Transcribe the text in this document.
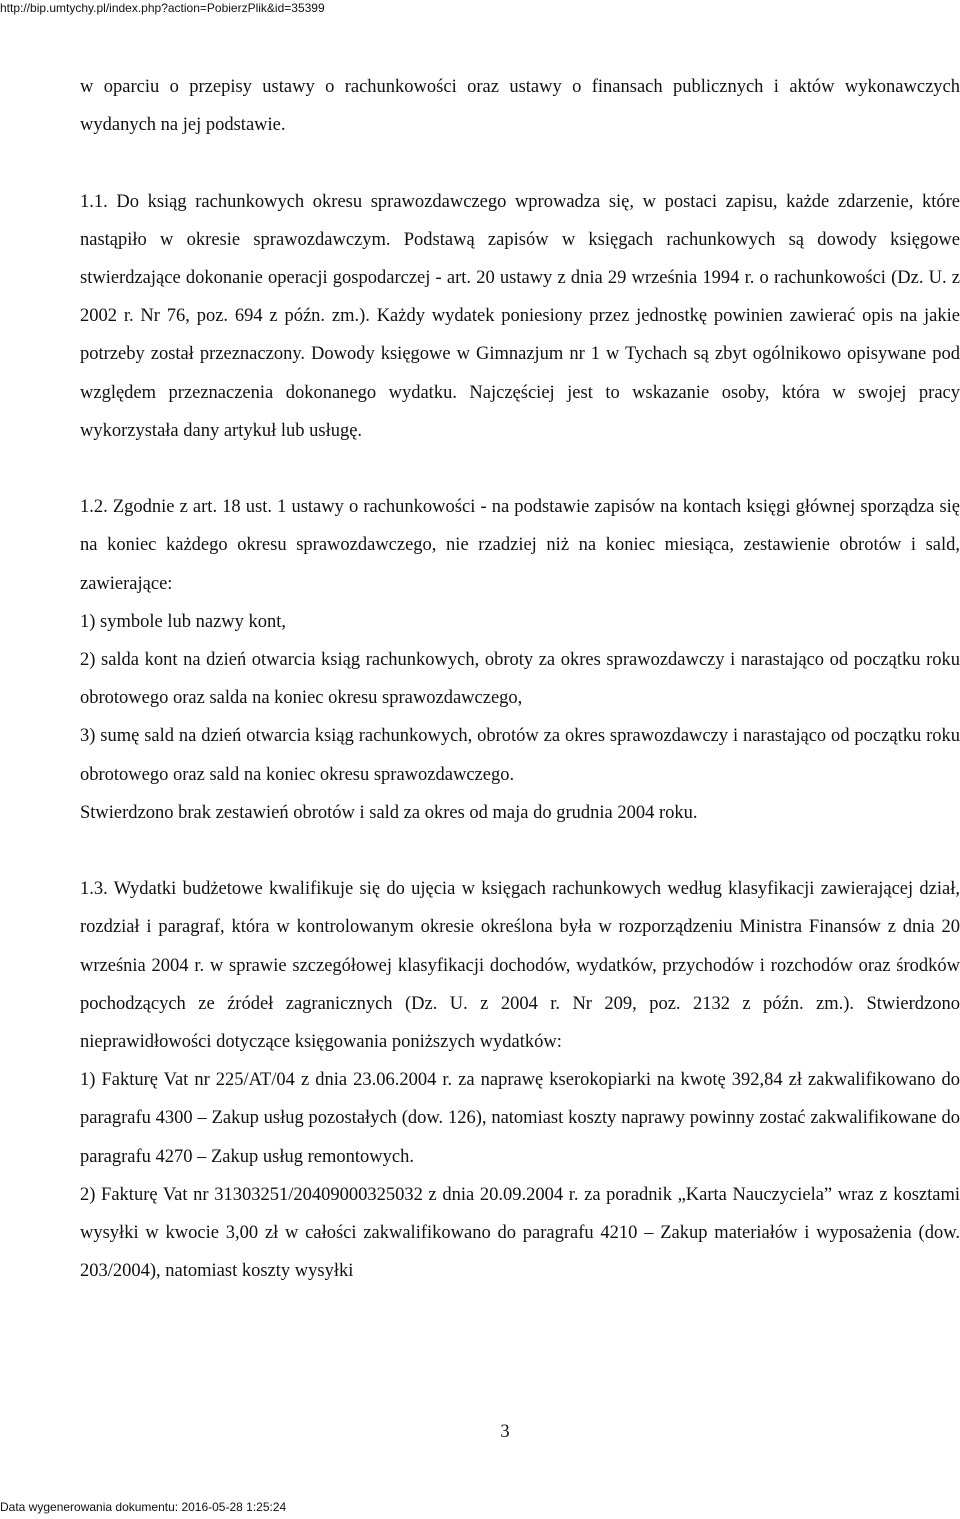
http://bip.umtychy.pl/index.php?action=PobierzPlik&id=35399

w oparciu o przepisy ustawy o rachunkowości oraz ustawy o finansach publicznych i aktów wykonawczych wydanych na jej podstawie.

1.1. Do ksiąg rachunkowych okresu sprawozdawczego wprowadza się, w postaci zapisu, każde zdarzenie, które nastąpiło w okresie sprawozdawczym. Podstawą zapisów w księgach rachunkowych są dowody księgowe stwierdzające dokonanie operacji gospodarczej - art. 20 ustawy z dnia 29 września 1994 r. o rachunkowości (Dz. U. z 2002 r. Nr 76, poz. 694 z późn. zm.). Każdy wydatek poniesiony przez jednostkę powinien zawierać opis na jakie potrzeby został przeznaczony. Dowody księgowe w Gimnazjum nr 1 w Tychach są zbyt ogólnikowo opisywane pod względem przeznaczenia dokonanego wydatku. Najczęściej jest to wskazanie osoby, która w swojej pracy wykorzystała dany artykuł lub usługę.

1.2. Zgodnie z art. 18 ust. 1 ustawy o rachunkowości - na podstawie zapisów na kontach księgi głównej sporządza się na koniec każdego okresu sprawozdawczego, nie rzadziej niż na koniec miesiąca, zestawienie obrotów i sald, zawierające:

1) symbole lub nazwy kont,

2) salda kont na dzień otwarcia ksiąg rachunkowych, obroty za okres sprawozdawczy i narastająco od początku roku obrotowego oraz salda na koniec okresu sprawozdawczego,

3) sumę sald na dzień otwarcia ksiąg rachunkowych, obrotów za okres sprawozdawczy i narastająco od początku roku obrotowego oraz sald na koniec okresu sprawozdawczego.

Stwierdzono brak zestawień obrotów i sald za okres od maja do grudnia 2004 roku.

1.3. Wydatki budżetowe kwalifikuje się do ujęcia w księgach rachunkowych według klasyfikacji zawierającej dział, rozdział i paragraf, która w kontrolowanym okresie określona była w rozporządzeniu Ministra Finansów z dnia 20 września 2004 r. w sprawie szczegółowej klasyfikacji dochodów, wydatków, przychodów i rozchodów oraz środków pochodzących ze źródeł zagranicznych (Dz. U. z 2004 r. Nr 209, poz. 2132 z późn. zm.). Stwierdzono nieprawidłowości dotyczące księgowania poniższych wydatków:

1) Fakturę Vat nr 225/AT/04 z dnia 23.06.2004 r. za naprawę kserokopiarki na kwotę 392,84 zł zakwalifikowano do paragrafu 4300 – Zakup usług pozostałych (dow. 126), natomiast koszty naprawy powinny zostać zakwalifikowane do paragrafu 4270 – Zakup usług remontowych.

2) Fakturę Vat nr 31303251/20409000325032 z dnia 20.09.2004 r. za poradnik „Karta Nauczyciela” wraz z kosztami wysyłki w kwocie 3,00 zł w całości zakwalifikowano do paragrafu 4210 – Zakup materiałów i wyposażenia (dow. 203/2004), natomiast koszty wysyłki

3
Data wygenerowania dokumentu: 2016-05-28 1:25:24
